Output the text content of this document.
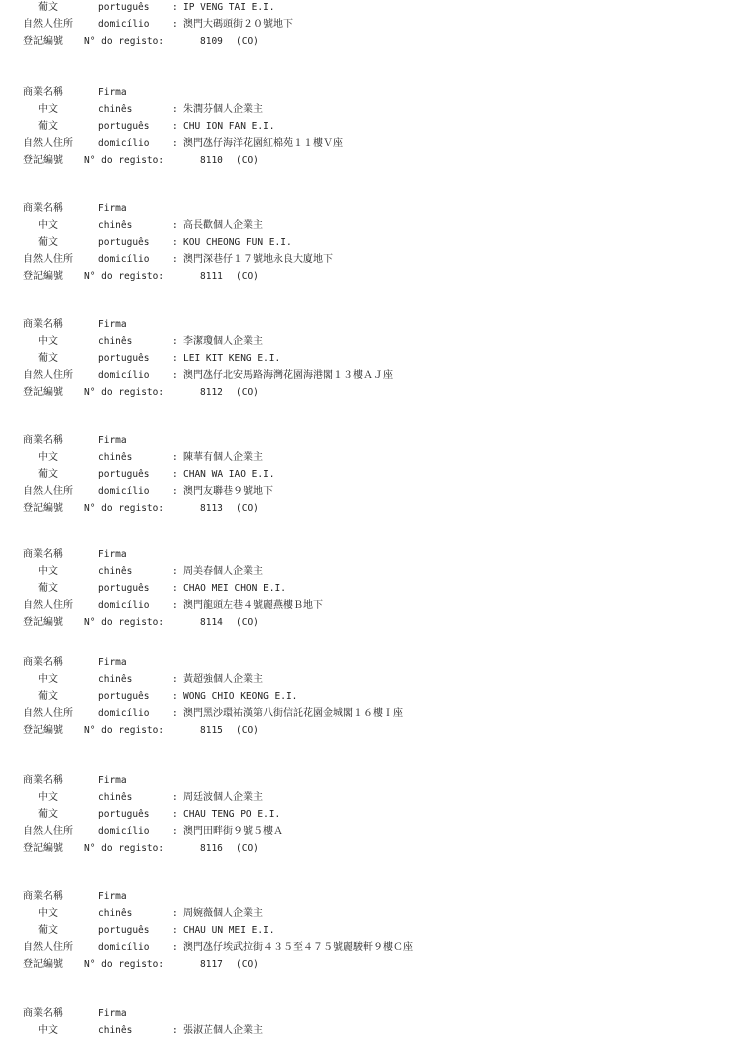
葡文	português : IP VENG TAI E.I.
自然人住所	domicílio : 澳門大碼頭街２０號地下
登記編號 N° do registo:	8109 (CO)
商業名稱	Firma
中文	chinês	: 朱潤芬個人企業主
葡文	português : CHU ION FAN E.I.
自然人住所	domicílio : 澳門氹仔海洋花園紅棉苑１１樓Ｖ座
登記編號 N° do registo:	8110 (CO)
商業名稱	Firma
中文	chinês	: 高長歡個人企業主
葡文	português : KOU CHEONG FUN E.I.
自然人住所	domicílio : 澳門深巷仔１７號地永良大廈地下
登記編號 N° do registo:	8111 (CO)
商業名稱	Firma
中文	chinês	: 李潔瓊個人企業主
葡文	português : LEI KIT KENG E.I.
自然人住所	domicílio : 澳門氹仔北安馬路海灣花園海港閣１３樓ＡＪ座
登記編號 N° do registo:	8112 (CO)
商業名稱	Firma
中文	chinês	: 陳華有個人企業主
葡文	português : CHAN WA IAO E.I.
自然人住所	domicílio : 澳門友聯巷９號地下
登記編號 N° do registo:	8113 (CO)
商業名稱	Firma
中文	chinês	: 周美春個人企業主
葡文	português : CHAO MEI CHON E.I.
自然人住所	domicílio : 澳門龍頭左巷４號麗燕樓Ｂ地下
登記編號 N° do registo:	8114 (CO)
商業名稱	Firma
中文	chinês	: 黃超強個人企業主
葡文	português : WONG CHIO KEONG E.I.
自然人住所	domicílio : 澳門黑沙環祐漢第八街信託花園金城閣１６樓Ｉ座
登記編號 N° do registo:	8115 (CO)
商業名稱	Firma
中文	chinês	: 周廷波個人企業主
葡文	português : CHAU TENG PO E.I.
自然人住所	domicílio : 澳門田畔街９號５樓Ａ
登記編號 N° do registo:	8116 (CO)
商業名稱	Firma
中文	chinês	: 周婉薇個人企業主
葡文	português : CHAU UN MEI E.I.
自然人住所	domicílio : 澳門氹仔埃武拉街４３５至４７５號麗駿軒９樓Ｃ座
登記編號 N° do registo:	8117 (CO)
商業名稱	Firma
中文	chinês	: 張淑芷個人企業主
